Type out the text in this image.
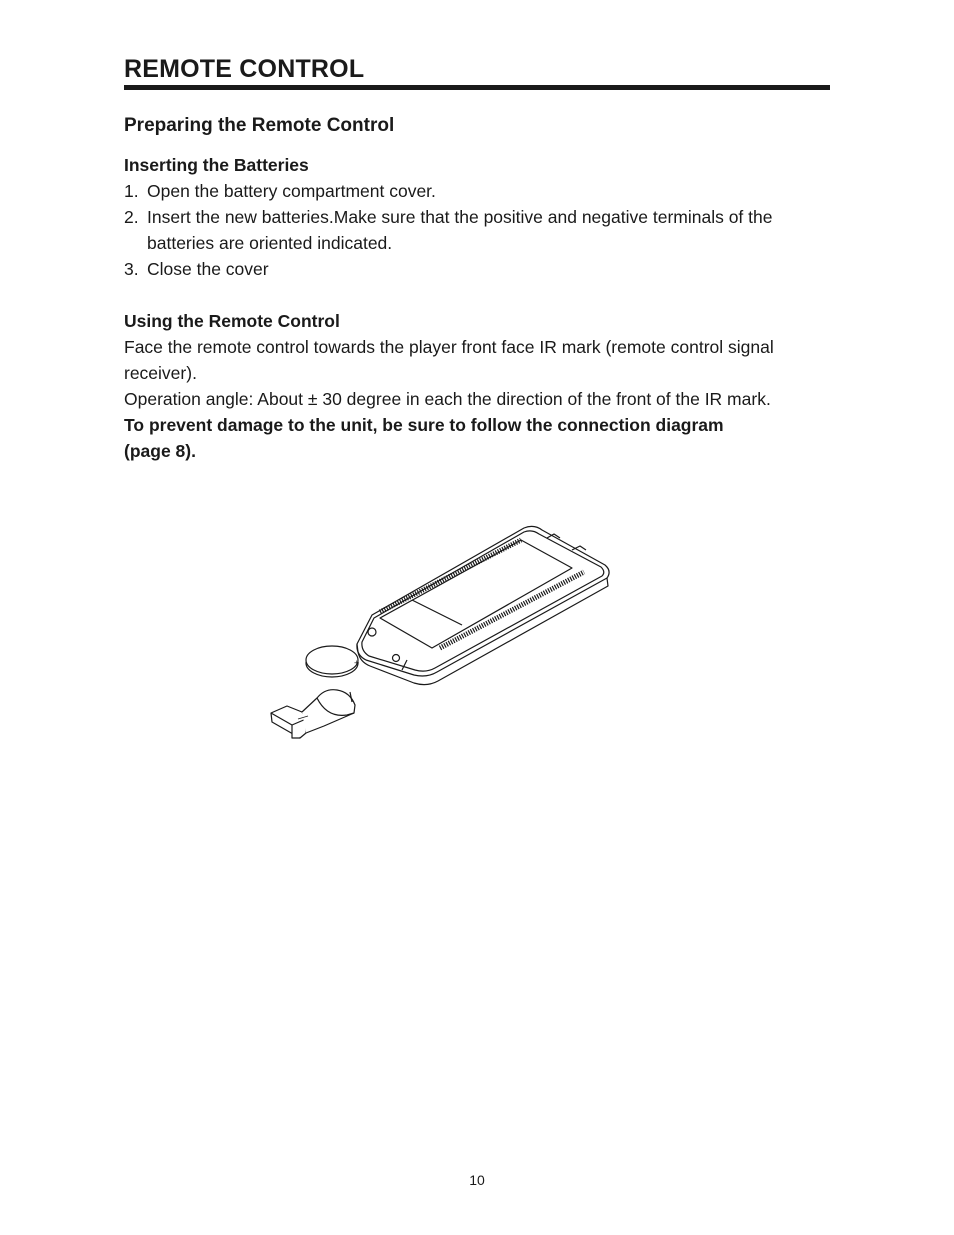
REMOTE CONTROL
Preparing the Remote Control

Inserting the Batteries

1. Open the battery compartment cover.
2. Insert the new batteries.Make sure that the positive and negative terminals of the batteries are oriented indicated.
3. Close the cover

Using the Remote Control

Face the remote control towards the player front face IR mark (remote control signal receiver).

Operation angle: About ± 30 degree in each the direction of the front of the IR mark.

To prevent damage to the unit, be sure to follow the connection diagram (page 8).

+
10
